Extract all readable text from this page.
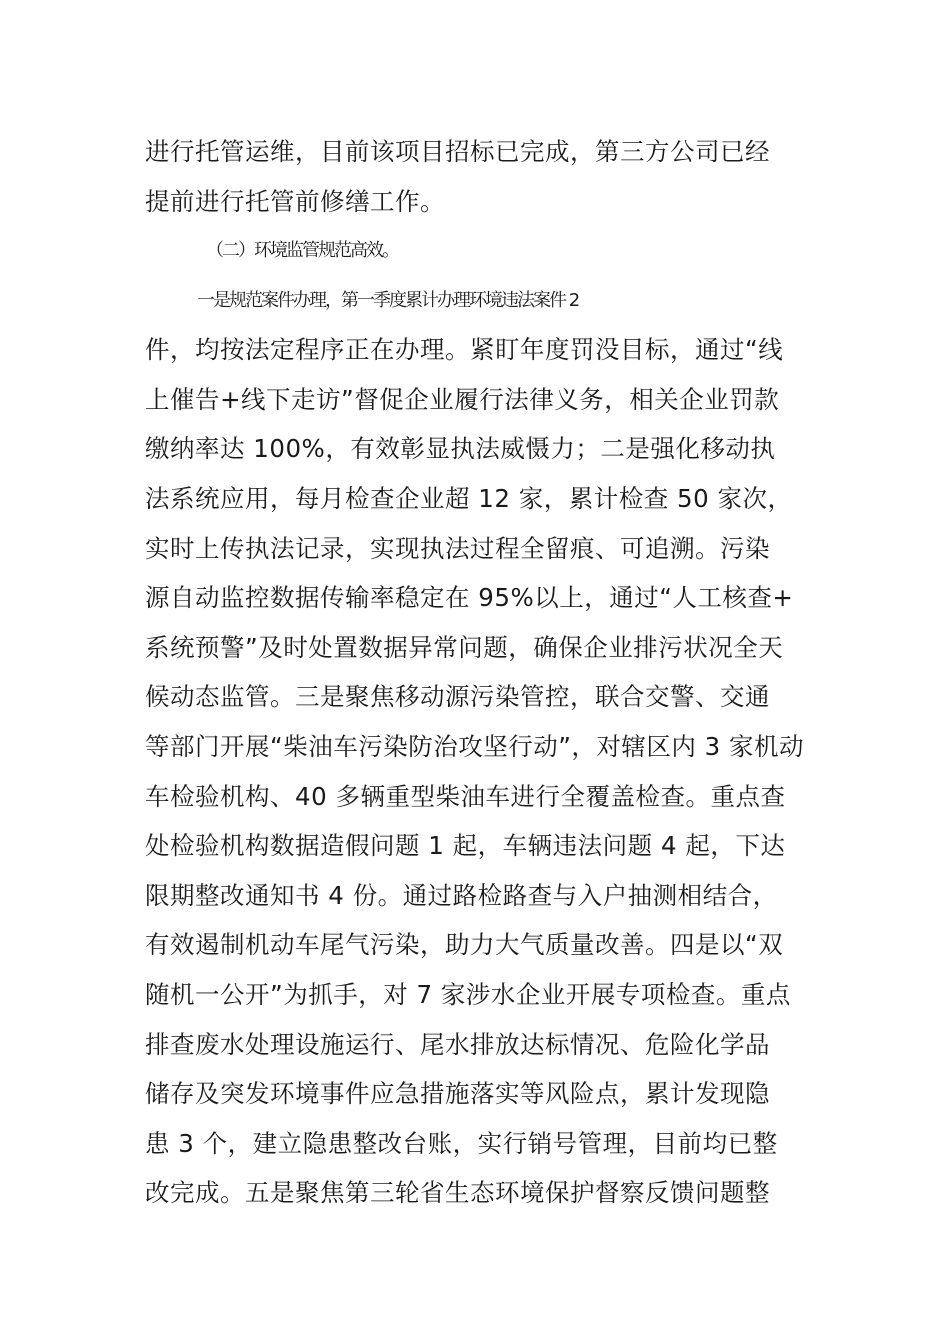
进行托管运维，目前该项目招标已完成，第三方公司已经
提前进行托管前修缮工作。
（二）环境监管规范高效。
一是规范案件办理，第一季度累计办理环境违法案件 2
件，均按法定程序正在办理。紧盯年度罚没目标，通过“线
上催告+线下走访”督促企业履行法律义务，相关企业罚款
缴纳率达 100%，有效彰显执法威慑力；二是强化移动执
法系统应用，每月检查企业超 12 家，累计检查 50 家次，
实时上传执法记录，实现执法过程全留痕、可追溯。污染
源自动监控数据传输率稳定在 95%以上，通过“人工核查+
系统预警”及时处置数据异常问题，确保企业排污状况全天
候动态监管。三是聚焦移动源污染管控，联合交警、交通
等部门开展“柴油车污染防治攻坚行动”，对辖区内 3 家机动
车检验机构、40 多辆重型柴油车进行全覆盖检查。重点查
处检验机构数据造假问题 1 起，车辆违法问题 4 起，下达
限期整改通知书 4 份。通过路检路查与入户抽测相结合，
有效遏制机动车尾气污染，助力大气质量改善。四是以“双
随机一公开”为抓手，对 7 家涉水企业开展专项检查。重点
排查废水处理设施运行、尾水排放达标情况、危险化学品
储存及突发环境事件应急措施落实等风险点，累计发现隐
患 3 个，建立隐患整改台账，实行销号管理，目前均已整
改完成。五是聚焦第三轮省生态环境保护督察反馈问题整
